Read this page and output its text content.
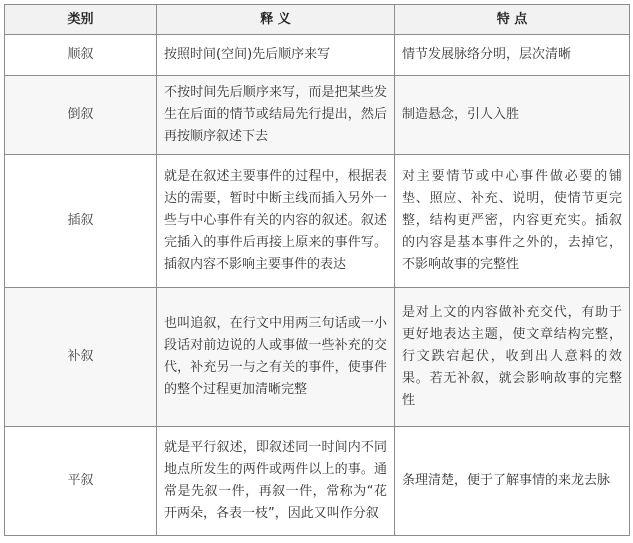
类别	释 义	特 点
顺叙	按照时间(空间)先后顺序来写	情节发展脉络分明，层次清晰
倒叙	不按时间先后顺序来写，而是把某些发生在后面的情节或结局先行提出，然后再按顺序叙述下去	制造悬念，引人入胜
插叙	就是在叙述主要事件的过程中，根据表达的需要，暂时中断主线而插入另外一些与中心事件有关的内容的叙述。叙述完插入的事件后再接上原来的事件写。插叙内容不影响主要事件的表达	对主要情节或中心事件做必要的铺垫、照应、补充、说明，使情节更完整，结构更严密，内容更充实。插叙的内容是基本事件之外的，去掉它，不影响故事的完整性
补叙	也叫追叙，在行文中用两三句话或一小段话对前边说的人或事做一些补充的交代，补充另一与之有关的事件，使事件的整个过程更加清晰完整	是对上文的内容做补充交代，有助于更好地表达主题，使文章结构完整，行文跌宕起伏，收到出人意料的效果。若无补叙，就会影响故事的完整性
平叙	就是平行叙述，即叙述同一时间内不同地点所发生的两件或两件以上的事。通常是先叙一件，再叙一件，常称为“花开两朵，各表一枝”，因此又叫作分叙	条理清楚，便于了解事情的来龙去脉
